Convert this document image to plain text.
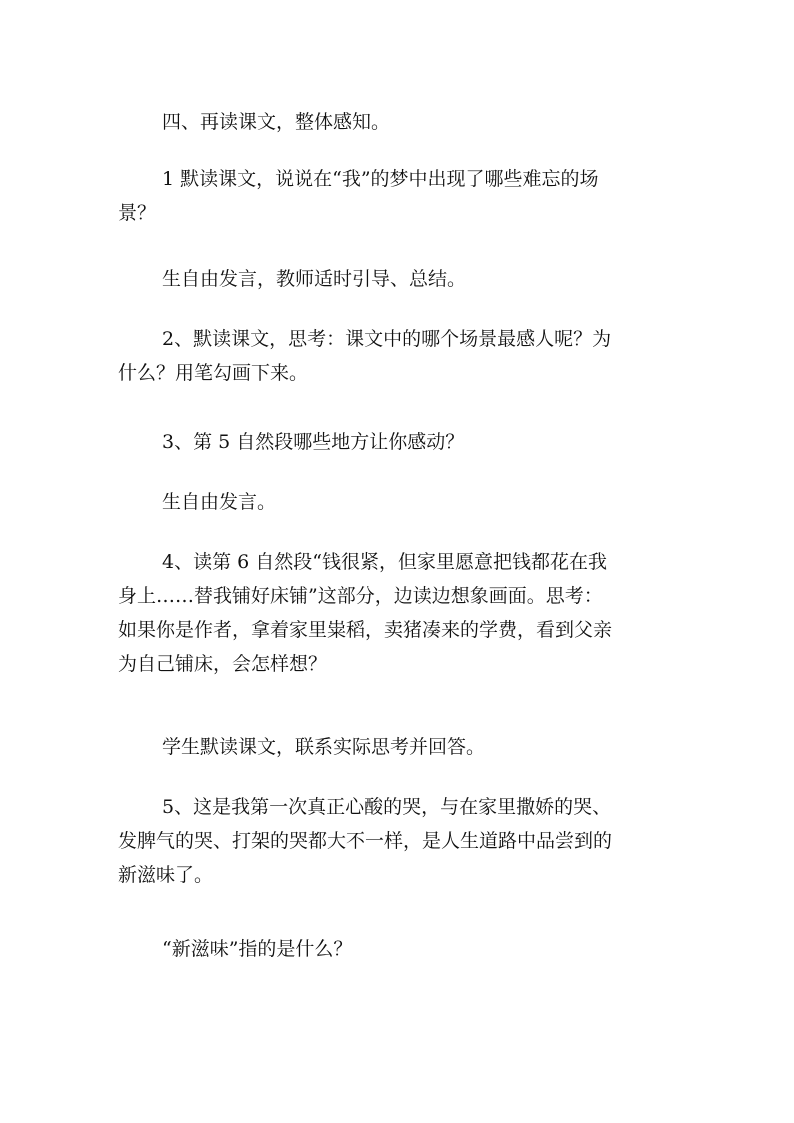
四、再读课文，整体感知。

1 默读课文，说说在“我”的梦中出现了哪些难忘的场
景？

生自由发言，教师适时引导、总结。

2、默读课文，思考：课文中的哪个场景最感人呢？为
什么？用笔勾画下来。

3、第 5 自然段哪些地方让你感动？

生自由发言。

4、读第 6 自然段“钱很紧，但家里愿意把钱都花在我
身上……替我铺好床铺”这部分，边读边想象画面。思考：
如果你是作者，拿着家里粜稻，卖猪凑来的学费，看到父亲
为自己铺床，会怎样想？

学生默读课文，联系实际思考并回答。

5、这是我第一次真正心酸的哭，与在家里撒娇的哭、
发脾气的哭、打架的哭都大不一样，是人生道路中品尝到的
新滋味了。

“新滋味”指的是什么？
